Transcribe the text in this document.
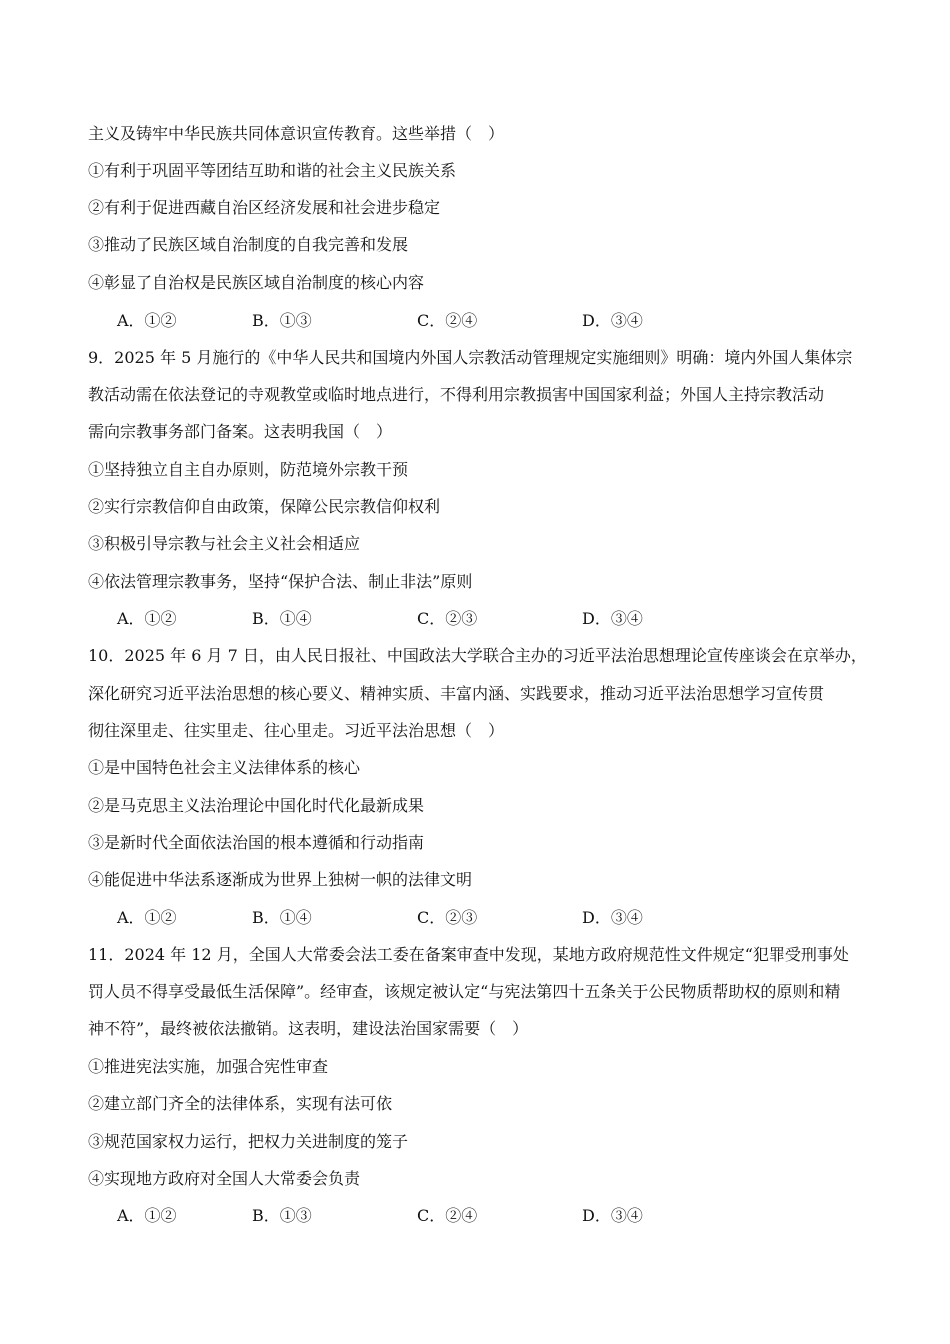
主义及铸牢中华民族共同体意识宣传教育。这些举措（　）
①有利于巩固平等团结互助和谐的社会主义民族关系
②有利于促进西藏自治区经济发展和社会进步稳定
③推动了民族区域自治制度的自我完善和发展
④彰显了自治权是民族区域自治制度的核心内容
A．①②	B．①③	C．②④	D．③④
9．2025 年 5 月施行的《中华人民共和国境内外国人宗教活动管理规定实施细则》明确：境内外国人集体宗
教活动需在依法登记的寺观教堂或临时地点进行，不得利用宗教损害中国国家利益；外国人主持宗教活动
需向宗教事务部门备案。这表明我国（　）
①坚持独立自主自办原则，防范境外宗教干预
②实行宗教信仰自由政策，保障公民宗教信仰权利
③积极引导宗教与社会主义社会相适应
④依法管理宗教事务，坚持“保护合法、制止非法”原则
A．①②	B．①④	C．②③	D．③④
10．2025 年 6 月 7 日，由人民日报社、中国政法大学联合主办的习近平法治思想理论宣传座谈会在京举办，
深化研究习近平法治思想的核心要义、精神实质、丰富内涵、实践要求，推动习近平法治思想学习宣传贯
彻往深里走、往实里走、往心里走。习近平法治思想（　）
①是中国特色社会主义法律体系的核心
②是马克思主义法治理论中国化时代化最新成果
③是新时代全面依法治国的根本遵循和行动指南
④能促进中华法系逐渐成为世界上独树一帜的法律文明
A．①②	B．①④	C．②③	D．③④
11．2024 年 12 月，全国人大常委会法工委在备案审查中发现，某地方政府规范性文件规定“犯罪受刑事处
罚人员不得享受最低生活保障”。经审查，该规定被认定“与宪法第四十五条关于公民物质帮助权的原则和精
神不符”，最终被依法撤销。这表明，建设法治国家需要（　）
①推进宪法实施，加强合宪性审查
②建立部门齐全的法律体系，实现有法可依
③规范国家权力运行，把权力关进制度的笼子
④实现地方政府对全国人大常委会负责
A．①②	B．①③	C．②④	D．③④
